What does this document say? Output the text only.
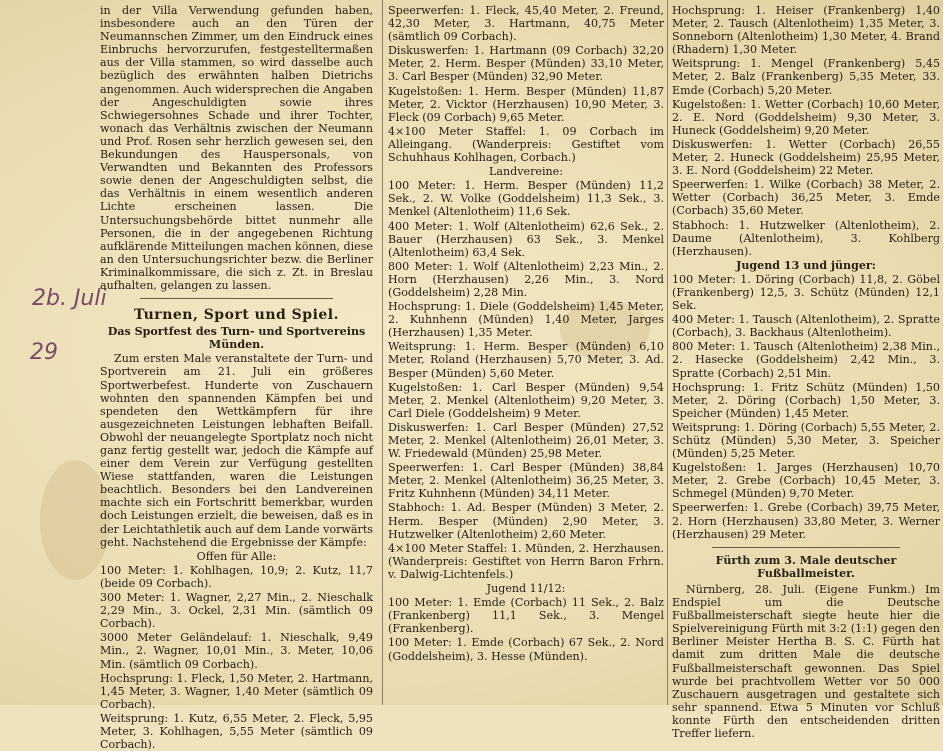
2b. Juli
29

in der Villa Verwendung gefunden haben, insbesondere auch an den Türen der Neumannschen Zimmer, um den Eindruck eines Einbruchs hervorzurufen, festgestelltermaßen aus der Villa stammen, so wird dasselbe auch bezüglich des erwähnten halben Dietrichs angenommen. Auch widersprechen die Angaben der Angeschuldigten sowie ihres Schwiegersohnes Schade und ihrer Tochter, wonach das Verhältnis zwischen der Neumann und Prof. Rosen sehr herzlich gewesen sei, den Bekundungen des Hauspersonals, von Verwandten und Bekannten des Professors sowie denen der Angeschuldigten selbst, die das Verhältnis in einem wesentlich anderen Lichte erscheinen lassen. Die Untersuchungsbehörde bittet nunmehr alle Personen, die in der angegebenen Richtung aufklärende Mitteilungen machen können, diese an den Untersuchungsrichter bezw. die Berliner Kriminalkommissare, die sich z. Zt. in Breslau aufhalten, gelangen zu lassen.

Turnen, Sport und Spiel.
Das Sportfest des Turn- und Sportvereins Münden.

Zum ersten Male veranstaltete der Turn- und Sportverein am 21. Juli ein größeres Sportwerbefest. Hunderte von Zuschauern wohnten den spannenden Kämpfen bei und spendeten den Wettkämpfern für ihre ausgezeichneten Leistungen lebhaften Beifall. Obwohl der neuangelegte Sportplatz noch nicht ganz fertig gestellt war, jedoch die Kämpfe auf einer dem Verein zur Verfügung gestellten Wiese stattfanden, waren die Leistungen beachtlich. Besonders bei den Landvereinen machte sich ein Fortschritt bemerkbar, wurden doch Leistungen erzielt, die beweisen, daß es in der Leichtathletik auch auf dem Lande vorwärts geht. Nachstehend die Ergebnisse der Kämpfe:

Offen für Alle:

100 Meter: 1. Kohlhagen, 10,9; 2. Kutz, 11,7 (beide 09 Corbach).

300 Meter: 1. Wagner, 2,27 Min., 2. Nieschalk 2,29 Min., 3. Ockel, 2,31 Min. (sämtlich 09 Corbach).

3000 Meter Geländelauf: 1. Nieschalk, 9,49 Min., 2. Wagner, 10,01 Min., 3. Meter, 10,06 Min. (sämtlich 09 Corbach).

Hochsprung: 1. Fleck, 1,50 Meter, 2. Hartmann, 1,45 Meter, 3. Wagner, 1,40 Meter (sämtlich 09 Corbach).

Weitsprung: 1. Kutz, 6,55 Meter, 2. Fleck, 5,95 Meter, 3. Kohlhagen, 5,55 Meter (sämtlich 09 Corbach).

Speerwerfen: 1. Fleck, 45,40 Meter, 2. Freund, 42,30 Meter, 3. Hartmann, 40,75 Meter (sämtlich 09 Corbach).

Diskuswerfen: 1. Hartmann (09 Corbach) 32,20 Meter, 2. Herm. Besper (Münden) 33,10 Meter, 3. Carl Besper (Münden) 32,90 Meter.

Kugelstoßen: 1. Herm. Besper (Münden) 11,87 Meter, 2. Vicktor (Herzhausen) 10,90 Meter, 3. Fleck (09 Corbach) 9,65 Meter.

4×100 Meter Staffel: 1. 09 Corbach im Alleingang. (Wanderpreis: Gestiftet vom Schuhhaus Kohlhagen, Corbach.)

Landvereine:

100 Meter: 1. Herm. Besper (Münden) 11,2 Sek., 2. W. Volke (Goddelsheim) 11,3 Sek., 3. Menkel (Altenlotheim) 11,6 Sek.

400 Meter: 1. Wolf (Altenlotheim) 62,6 Sek., 2. Bauer (Herzhausen) 63 Sek., 3. Menkel (Altenlotheim) 63,4 Sek.

800 Meter: 1. Wolf (Altenlotheim) 2,23 Min., 2. Horn (Herzhausen) 2,26 Min., 3. Nord (Goddelsheim) 2,28 Min.

Hochsprung: 1. Diele (Goddelsheim) 1,45 Meter, 2. Kuhnhenn (Münden) 1,40 Meter, Jarges (Herzhausen) 1,35 Meter.

Weitsprung: 1. Herm. Besper (Münden) 6,10 Meter, Roland (Herzhausen) 5,70 Meter, 3. Ad. Besper (Münden) 5,60 Meter.

Kugelstoßen: 1. Carl Besper (Münden) 9,54 Meter, 2. Menkel (Altenlotheim) 9,20 Meter, 3. Carl Diele (Goddelsheim) 9 Meter.

Diskuswerfen: 1. Carl Besper (Münden) 27,52 Meter, 2. Menkel (Altenlotheim) 26,01 Meter, 3. W. Friedewald (Münden) 25,98 Meter.

Speerwerfen: 1. Carl Besper (Münden) 38,84 Meter, 2. Menkel (Altenlotheim) 36,25 Meter, 3. Fritz Kuhnhenn (Münden) 34,11 Meter.

Stabhoch: 1. Ad. Besper (Münden) 3 Meter, 2. Herm. Besper (Münden) 2,90 Meter, 3. Hutzwelker (Altenlotheim) 2,60 Meter.

4×100 Meter Staffel: 1. Münden, 2. Herzhausen. (Wanderpreis: Gestiftet von Herrn Baron Frhrn. v. Dalwig-Lichtenfels.)

Jugend 11/12:

100 Meter: 1. Emde (Corbach) 11 Sek., 2. Balz (Frankenberg) 11,1 Sek., 3. Mengel (Frankenberg).

100 Meter: 1. Emde (Corbach) 67 Sek., 2. Nord (Goddelsheim), 3. Hesse (Münden).

Hochsprung: 1. Heiser (Frankenberg) 1,40 Meter, 2. Tausch (Altenlotheim) 1,35 Meter, 3. Sonneborn (Altenlotheim) 1,30 Meter, 4. Brand (Rhadern) 1,30 Meter.

Weitsprung: 1. Mengel (Frankenberg) 5,45 Meter, 2. Balz (Frankenberg) 5,35 Meter, 33. Emde (Corbach) 5,20 Meter.

Kugelstoßen: 1. Wetter (Corbach) 10,60 Meter, 2. E. Nord (Goddelsheim) 9,30 Meter, 3. Huneck (Goddelsheim) 9,20 Meter.

Diskuswerfen: 1. Wetter (Corbach) 26,55 Meter, 2. Huneck (Goddelsheim) 25,95 Meter, 3. E. Nord (Goddelsheim) 22 Meter.

Speerwerfen: 1. Wilke (Corbach) 38 Meter, 2. Wetter (Corbach) 36,25 Meter, 3. Emde (Corbach) 35,60 Meter.

Stabhoch: 1. Hutzwelker (Altenlotheim), 2. Daume (Altenlotheim), 3. Kohlberg (Herzhausen).

Jugend 13 und jünger:

100 Meter: 1. Döring (Corbach) 11,8, 2. Göbel (Frankenberg) 12,5, 3. Schütz (Münden) 12,1 Sek.

400 Meter: 1. Tausch (Altenlotheim), 2. Spratte (Corbach), 3. Backhaus (Altenlotheim).

800 Meter: 1. Tausch (Altenlotheim) 2,38 Min., 2. Hasecke (Goddelsheim) 2,42 Min., 3. Spratte (Corbach) 2,51 Min.

Hochsprung: 1. Fritz Schütz (Münden) 1,50 Meter, 2. Döring (Corbach) 1,50 Meter, 3. Speicher (Münden) 1,45 Meter.

Weitsprung: 1. Döring (Corbach) 5,55 Meter, 2. Schütz (Münden) 5,30 Meter, 3. Speicher (Münden) 5,25 Meter.

Kugelstoßen: 1. Jarges (Herzhausen) 10,70 Meter, 2. Grebe (Corbach) 10,45 Meter, 3. Schmegel (Münden) 9,70 Meter.

Speerwerfen: 1. Grebe (Corbach) 39,75 Meter, 2. Horn (Herzhausen) 33,80 Meter, 3. Werner (Herzhausen) 29 Meter.

Fürth zum 3. Male deutscher Fußballmeister.

Nürnberg, 28. Juli. (Eigene Funkm.) Im Endspiel um die Deutsche Fußballmeisterschaft siegte heute hier die Spielvereinigung Fürth mit 3:2 (1:1) gegen den Berliner Meister Hertha B. S. C. Fürth hat damit zum dritten Male die deutsche Fußballmeisterschaft gewonnen. Das Spiel wurde bei prachtvollem Wetter vor 50 000 Zuschauern ausgetragen und gestaltete sich sehr spannend. Etwa 5 Minuten vor Schluß konnte Fürth den entscheidenden dritten Treffer liefern.
